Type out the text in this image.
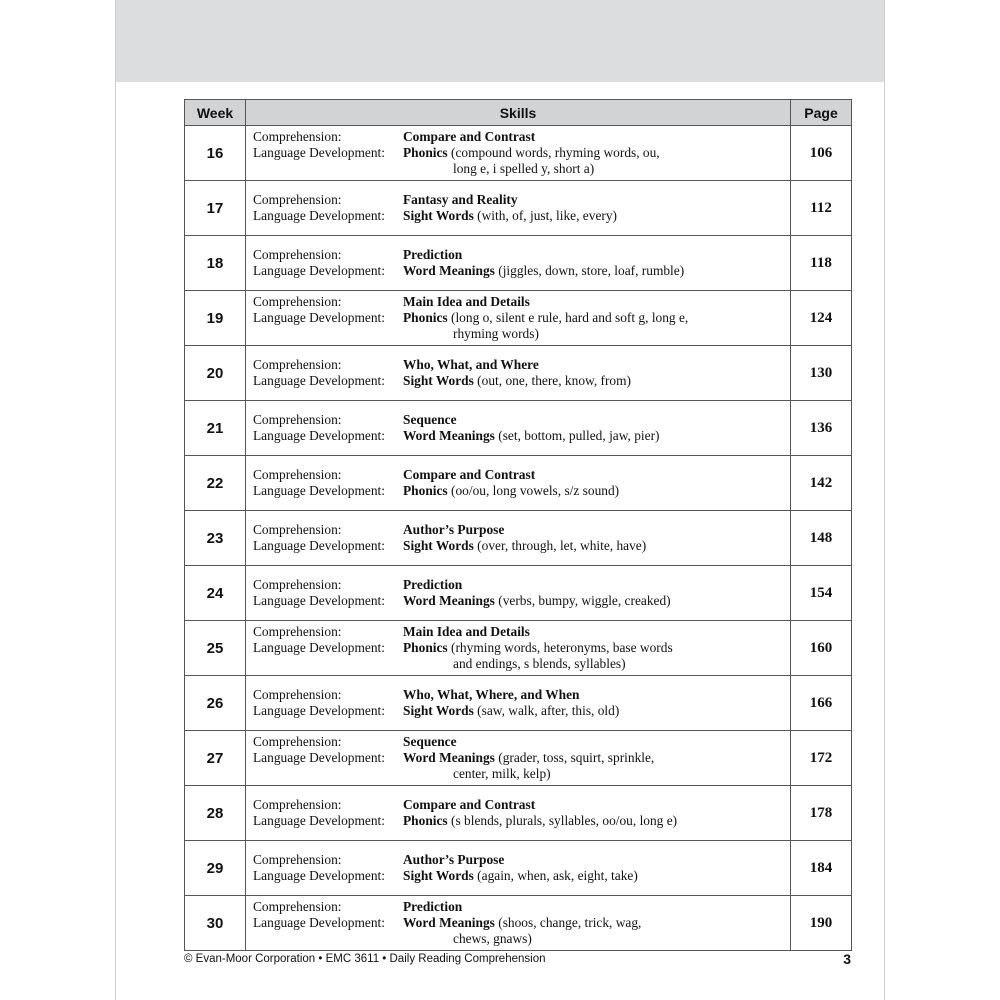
Week	Skills	Page
16	Comprehension: Compare and Contrast
Language Development: Phonics (compound words, rhyming words, ou,
long e, i spelled y, short a)	106
17	Comprehension: Fantasy and Reality
Language Development: Sight Words (with, of, just, like, every)	112
18	Comprehension: Prediction
Language Development: Word Meanings (jiggles, down, store, loaf, rumble)	118
19	Comprehension: Main Idea and Details
Language Development: Phonics (long o, silent e rule, hard and soft g, long e,
rhyming words)	124
20	Comprehension: Who, What, and Where
Language Development: Sight Words (out, one, there, know, from)	130
21	Comprehension: Sequence
Language Development: Word Meanings (set, bottom, pulled, jaw, pier)	136
22	Comprehension: Compare and Contrast
Language Development: Phonics (oo/ou, long vowels, s/z sound)	142
23	Comprehension: Author’s Purpose
Language Development: Sight Words (over, through, let, white, have)	148
24	Comprehension: Prediction
Language Development: Word Meanings (verbs, bumpy, wiggle, creaked)	154
25	Comprehension: Main Idea and Details
Language Development: Phonics (rhyming words, heteronyms, base words
and endings, s blends, syllables)	160
26	Comprehension: Who, What, Where, and When
Language Development: Sight Words (saw, walk, after, this, old)	166
27	Comprehension: Sequence
Language Development: Word Meanings (grader, toss, squirt, sprinkle,
center, milk, kelp)	172
28	Comprehension: Compare and Contrast
Language Development: Phonics (s blends, plurals, syllables, oo/ou, long e)	178
29	Comprehension: Author’s Purpose
Language Development: Sight Words (again, when, ask, eight, take)	184
30	Comprehension: Prediction
Language Development: Word Meanings (shoos, change, trick, wag,
chews, gnaws)	190
© Evan-Moor Corporation • EMC 3611 • Daily Reading Comprehension	3
